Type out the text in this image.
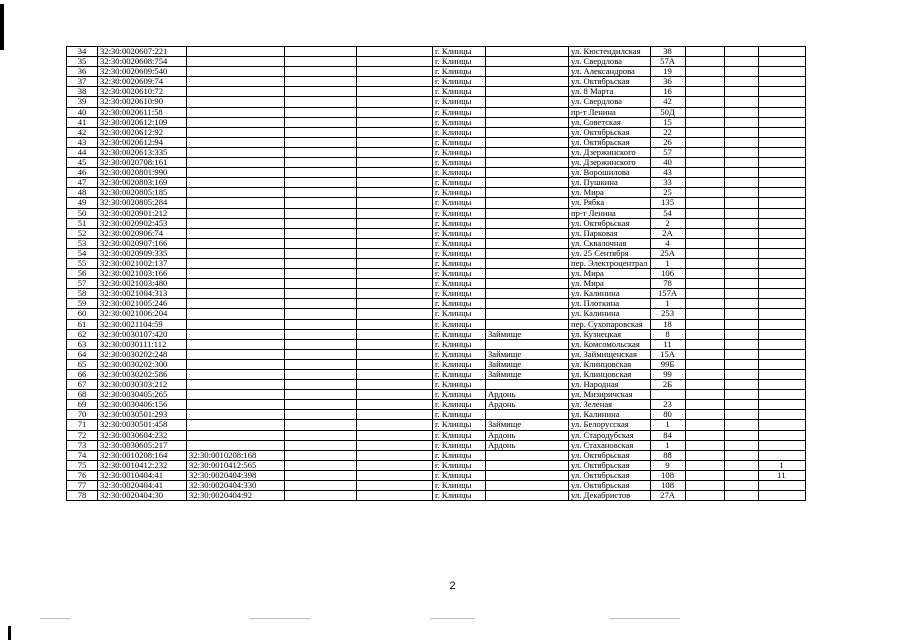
34	32:30:0020607:221				г. Клинцы		ул. Кюстендилская	38			
35	32:30:0020608:754				г. Клинцы		ул. Свердлова	57А			
36	32:30:0020609:540				г. Клинцы		ул. Александрова	19			
37	32:30:0020609:74				г. Клинцы		ул. Октябрьская	36			
38	32:30:0020610:72				г. Клинцы		ул. 8 Марта	16			
39	32:30:0020610:90				г. Клинцы		ул. Свердлова	42			
40	32:30:0020611:58				г. Клинцы		пр-т Ленина	50Д			
41	32:30:0020612:109				г. Клинцы		ул. Советская	15			
42	32:30:0020612:92				г. Клинцы		ул. Октябрьская	22			
43	32:30:0020612:94				г. Клинцы		ул. Октябрьская	26			
44	32:30:0020613:335				г. Клинцы		ул. Дзержинского	57			
45	32:30:0020708:161				г. Клинцы		ул. Дзержинского	40			
46	32:30:0020801:990				г. Клинцы		ул. Ворошилова	43			
47	32:30:0020803:169				г. Клинцы		ул. Пушкина	33			
48	32:30:0020805:185				г. Клинцы		ул. Мира	25			
49	32:30:0020805:284				г. Клинцы		ул. Рябка	135			
50	32:30:0020901:212				г. Клинцы		пр-т Ленина	54			
51	32:30:0020902:453				г. Клинцы		ул. Октябрьская	2			
52	32:30:0020906:74				г. Клинцы		ул. Парковая	2А			
53	32:30:0020907:166				г. Клинцы		ул. Сквалочная	4			
54	32:30:0020909:335				г. Клинцы		ул. 25 Сентября	25А			
55	32:30:0021002:137				г. Клинцы		пер. Электроцентрал	1			
56	32:30:0021003:166				г. Клинцы		ул. Мира	106			
57	32:30:0021003:480				г. Клинцы		ул. Мира	78			
58	32:30:0021004:313				г. Клинцы		ул. Калинина	157А			
59	32:30:0021005:246				г. Клинцы		ул. Плоткина	1			
60	32:30:0021006:204				г. Клинцы		ул. Калинина	253			
61	32:30:0021104:59				г. Клинцы		пер. Сухопаровская	18			
62	32:30:0030107:420				г. Клинцы	Займище	ул. Кузнецкая	8			
63	32:30:0030111:112				г. Клинцы		ул. Комсомольская	11			
64	32:30:0030202:248				г. Клинцы	Займище	ул. Займищенская	15А			
65	32:30:0030202:300				г. Клинцы	Займище	ул. Клинцовская	99Б			
66	32:30:0030202:586				г. Клинцы	Займище	ул. Клинцовская	99			
67	32:30:0030303:212				г. Клинцы		ул. Народная	2Б			
68	32:30:0030405:265				г. Клинцы	Ардонь	ул. Мизиричская				
69	32:30:0030406:156				г. Клинцы	Ардонь	ул. Зеленая	23			
70	32:30:0030501:293				г. Клинцы		ул. Калинина	80			
71	32:30:0030501:458				г. Клинцы	Займище	ул. Белорусская	1			
72	32:30:0030604:232				г. Клинцы	Ардонь	ул. Стародубская	84			
73	32:30:0030605:217				г. Клинцы	Ардонь	ул. Стахановская	1			
74	32:30:0010208:164	32:30:0010208:168			г. Клинцы		ул. Октябрьская	88			
75	32:30:0010412:232	32:30:0010412:565			г. Клинцы		ул. Октябрьская	9			1
76	32:30:0010404:41	32:30:0020404:398			г. Клинцы		ул. Октябрьская	108			11
77	32:30:0020404:41	32:30:0020404:330			г. Клинцы		ул. Октябрьская	108			
78	32:30:0020404:30	32:30:0020404:92			г. Клинцы		ул. Декабристов	27А			
2
